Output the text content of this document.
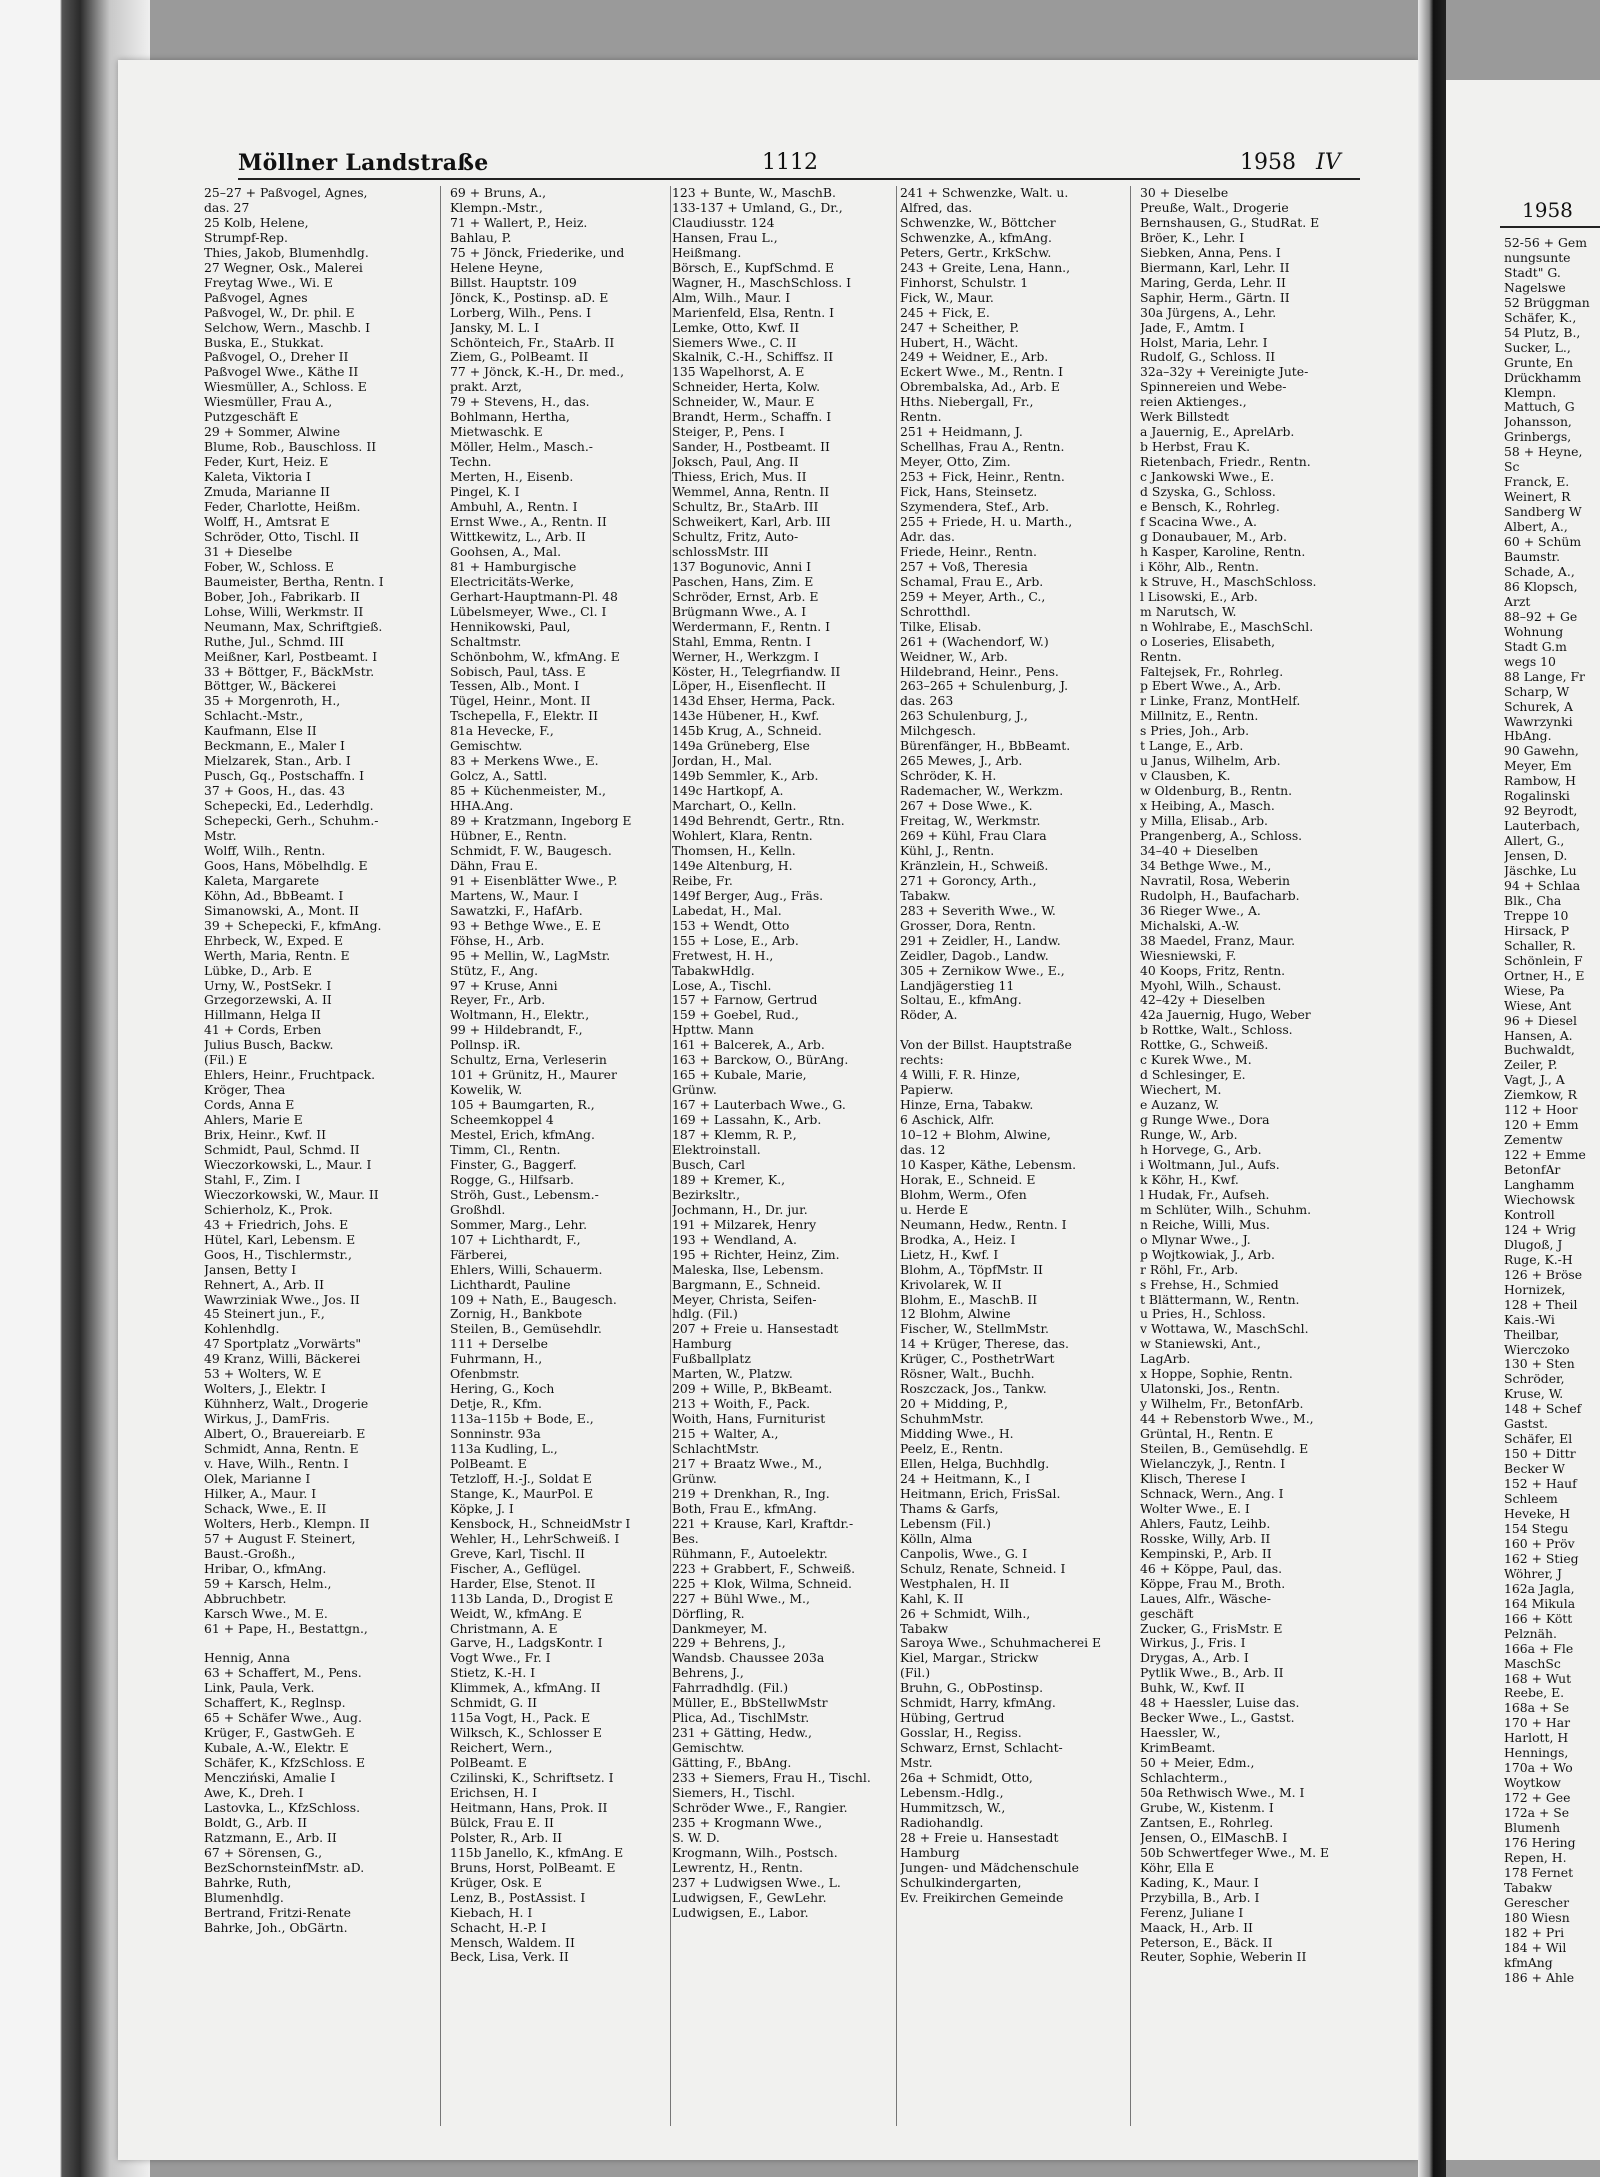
Möllner Landstraße	1112	1958 IV
25–27 + Paßvogel, Agnes,
das. 27
25 Kolb, Helene,
Strumpf-Rep.
Thies, Jakob, Blumenhdlg.
27 Wegner, Osk., Malerei
Freytag Wwe., Wi. E
Paßvogel, Agnes
Paßvogel, W., Dr. phil. E
Selchow, Wern., Maschb. I
Buska, E., Stukkat.
Paßvogel, O., Dreher II
Paßvogel Wwe., Käthe II
Wiesmüller, A., Schloss. E
Wiesmüller, Frau A.,
Putzgeschäft E
29 + Sommer, Alwine
Blume, Rob., Bauschloss. II
Feder, Kurt, Heiz. E
Kaleta, Viktoria I
Zmuda, Marianne II
Feder, Charlotte, Heißm.
Wolff, H., Amtsrat E
Schröder, Otto, Tischl. II
31 + Dieselbe
Fober, W., Schloss. E
Baumeister, Bertha, Rentn. I
Bober, Joh., Fabrikarb. II
Lohse, Willi, Werkmstr. II
Neumann, Max, Schriftgieß.
Ruthe, Jul., Schmd. III
Meißner, Karl, Postbeamt. I
33 + Böttger, F., BäckMstr.
Böttger, W., Bäckerei
35 + Morgenroth, H.,
Schlacht.-Mstr.,
Kaufmann, Else II
Beckmann, E., Maler I
Mielzarek, Stan., Arb. I
Pusch, Gq., Postschaffn. I
37 + Goos, H., das. 43
Schepecki, Ed., Lederhdlg.
Schepecki, Gerh., Schuhm.-
Mstr.
Wolff, Wilh., Rentn.
Goos, Hans, Möbelhdlg. E
Kaleta, Margarete
Köhn, Ad., BbBeamt. I
Simanowski, A., Mont. II
39 + Schepecki, F., kfmAng.
Ehrbeck, W., Exped. E
Werth, Maria, Rentn. E
Lübke, D., Arb. E
Urny, W., PostSekr. I
Grzegorzewski, A. II
Hillmann, Helga II
41 + Cords, Erben
Julius Busch, Backw.
(Fil.) E
Ehlers, Heinr., Fruchtpack.
Kröger, Thea
Cords, Anna E
Ahlers, Marie E
Brix, Heinr., Kwf. II
Schmidt, Paul, Schmd. II
Wieczorkowski, L., Maur. I
Stahl, F., Zim. I
Wieczorkowski, W., Maur. II
Schierholz, K., Prok.
43 + Friedrich, Johs. E
Hütel, Karl, Lebensm. E
Goos, H., Tischlermstr.,
Jansen, Betty I
Rehnert, A., Arb. II
Wawrziniak Wwe., Jos. II
45 Steinert jun., F.,
Kohlenhdlg.
47 Sportplatz „Vorwärts"
49 Kranz, Willi, Bäckerei
53 + Wolters, W. E
Wolters, J., Elektr. I
Kühnherz, Walt., Drogerie
Wirkus, J., DamFris.
Albert, O., Brauereiarb. E
Schmidt, Anna, Rentn. E
v. Have, Wilh., Rentn. I
Olek, Marianne I
Hilker, A., Maur. I
Schack, Wwe., E. II
Wolters, Herb., Klempn. II
57 + August F. Steinert,
Baust.-Großh.,
Hribar, O., kfmAng.
59 + Karsch, Helm.,
Abbruchbetr.
Karsch Wwe., M. E.
61 + Pape, H., Bestattgn.,

Hennig, Anna
63 + Schaffert, M., Pens.
Link, Paula, Verk.
Schaffert, K., Reglnsp.
65 + Schäfer Wwe., Aug.
Krüger, F., GastwGeh. E
Kubale, A.-W., Elektr. E
Schäfer, K., KfzSchloss. E
Mencziński, Amalie I
Awe, K., Dreh. I
Lastovka, L., KfzSchloss.
Boldt, G., Arb. II
Ratzmann, E., Arb. II
67 + Sörensen, G.,
BezSchornsteinfMstr. aD.
Bahrke, Ruth,
Blumenhdlg.
Bertrand, Fritzi-Renate
Bahrke, Joh., ObGärtn.
69 + Bruns, A.,
Klempn.-Mstr.,
71 + Wallert, P., Heiz.
Bahlau, P.
75 + Jönck, Friederike, und
Helene Heyne,
Billst. Hauptstr. 109
Jönck, K., Postinsp. aD. E
Lorberg, Wilh., Pens. I
Jansky, M. L. I
Schönteich, Fr., StaArb. II
Ziem, G., PolBeamt. II
77 + Jönck, K.-H., Dr. med.,
prakt. Arzt,
79 + Stevens, H., das.
Bohlmann, Hertha,
Mietwaschk. E
Möller, Helm., Masch.-
Techn.
Merten, H., Eisenb.
Pingel, K. I
Ambuhl, A., Rentn. I
Ernst Wwe., A., Rentn. II
Wittkewitz, L., Arb. II
Goohsen, A., Mal.
81 + Hamburgische
Electricitäts-Werke,
Gerhart-Hauptmann-Pl. 48
Lübelsmeyer, Wwe., Cl. I
Hennikowski, Paul,
Schaltmstr.
Schönbohm, W., kfmAng. E
Sobisch, Paul, tAss. E
Tessen, Alb., Mont. I
Tügel, Heinr., Mont. II
Tschepella, F., Elektr. II
81a Hevecke, F.,
Gemischtw.
83 + Merkens Wwe., E.
Golcz, A., Sattl.
85 + Küchenmeister, M.,
HHA.Ang.
89 + Kratzmann, Ingeborg E
Hübner, E., Rentn.
Schmidt, F. W., Baugesch.
Dähn, Frau E.
91 + Eisenblätter Wwe., P.
Martens, W., Maur. I
Sawatzki, F., HafArb.
93 + Bethge Wwe., E. E
Föhse, H., Arb.
95 + Mellin, W., LagMstr.
Stütz, F., Ang.
97 + Kruse, Anni
Reyer, Fr., Arb.
Woltmann, H., Elektr.,
99 + Hildebrandt, F.,
Pollnsp. iR.
Schultz, Erna, Verleserin
101 + Grünitz, H., Maurer
Kowelik, W.
105 + Baumgarten, R.,
Scheemkoppel 4
Mestel, Erich, kfmAng.
Timm, Cl., Rentn.
Finster, G., Baggerf.
Rogge, G., Hilfsarb.
Ströh, Gust., Lebensm.-
Großhdl.
Sommer, Marg., Lehr.
107 + Lichthardt, F.,
Färberei,
Ehlers, Willi, Schauerm.
Lichthardt, Pauline
109 + Nath, E., Baugesch.
Zornig, H., Bankbote
Steilen, B., Gemüsehdlr.
111 + Derselbe
Fuhrmann, H.,
Ofenbmstr.
Hering, G., Koch
Detje, R., Kfm.
113a–115b + Bode, E.,
Sonninstr. 93a
113a Kudling, L.,
PolBeamt. E
Tetzloff, H.-J., Soldat E
Stange, K., MaurPol. E
Köpke, J. I
Kensbock, H., SchneidMstr I
Wehler, H., LehrSchweiß. I
Greve, Karl, Tischl. II
Fischer, A., Geflügel.
Harder, Else, Stenot. II
113b Landa, D., Drogist E
Weidt, W., kfmAng. E
Christmann, A. E
Garve, H., LadgsKontr. I
Vogt Wwe., Fr. I
Stietz, K.-H. I
Klimmek, A., kfmAng. II
Schmidt, G. II
115a Vogt, H., Pack. E
Wilksch, K., Schlosser E
Reichert, Wern.,
PolBeamt. E
Czilinski, K., Schriftsetz. I
Erichsen, H. I
Heitmann, Hans, Prok. II
Bülck, Frau E. II
Polster, R., Arb. II
115b Janello, K., kfmAng. E
Bruns, Horst, PolBeamt. E
Krüger, Osk. E
Lenz, B., PostAssist. I
Kiebach, H. I
Schacht, H.-P. I
Mensch, Waldem. II
Beck, Lisa, Verk. II
123 + Bunte, W., MaschB.
133-137 + Umland, G., Dr.,
Claudiusstr. 124
Hansen, Frau L.,
Heißmang.
Börsch, E., KupfSchmd. E
Wagner, H., MaschSchloss. I
Alm, Wilh., Maur. I
Marienfeld, Elsa, Rentn. I
Lemke, Otto, Kwf. II
Siemers Wwe., C. II
Skalnik, C.-H., Schiffsz. II
135 Wapelhorst, A. E
Schneider, Herta, Kolw.
Schneider, W., Maur. E
Brandt, Herm., Schaffn. I
Steiger, P., Pens. I
Sander, H., Postbeamt. II
Joksch, Paul, Ang. II
Thiess, Erich, Mus. II
Wemmel, Anna, Rentn. II
Schultz, Br., StaArb. III
Schweikert, Karl, Arb. III
Schultz, Fritz, Auto-
schlossMstr. III
137 Bogunovic, Anni I
Paschen, Hans, Zim. E
Schröder, Ernst, Arb. E
Brügmann Wwe., A. I
Werdermann, F., Rentn. I
Stahl, Emma, Rentn. I
Werner, H., Werkzgm. I
Köster, H., Telegrfiandw. II
Löper, H., Eisenflecht. II
143d Ehser, Herma, Pack.
143e Hübener, H., Kwf.
145b Krug, A., Schneid.
149a Grüneberg, Else
Jordan, H., Mal.
149b Semmler, K., Arb.
149c Hartkopf, A.
Marchart, O., Kelln.
149d Behrendt, Gertr., Rtn.
Wohlert, Klara, Rentn.
Thomsen, H., Kelln.
149e Altenburg, H.
Reibe, Fr.
149f Berger, Aug., Fräs.
Labedat, H., Mal.
153 + Wendt, Otto
155 + Lose, E., Arb.
Fretwest, H. H.,
TabakwHdlg.
Lose, A., Tischl.
157 + Farnow, Gertrud
159 + Goebel, Rud.,
Hpttw. Mann
161 + Balcerek, A., Arb.
163 + Barckow, O., BürAng.
165 + Kubale, Marie,
Grünw.
167 + Lauterbach Wwe., G.
169 + Lassahn, K., Arb.
187 + Klemm, R. P.,
Elektroinstall.
Busch, Carl
189 + Kremer, K.,
Bezirksltr.,
Jochmann, H., Dr. jur.
191 + Milzarek, Henry
193 + Wendland, A.
195 + Richter, Heinz, Zim.
Maleska, Ilse, Lebensm.
Bargmann, E., Schneid.
Meyer, Christa, Seifen-
hdlg. (Fil.)
207 + Freie u. Hansestadt
Hamburg
Fußballplatz
Marten, W., Platzw.
209 + Wille, P., BkBeamt.
213 + Woith, F., Pack.
Woith, Hans, Furniturist
215 + Walter, A.,
SchlachtMstr.
217 + Braatz Wwe., M.,
Grünw.
219 + Drenkhan, R., Ing.
Both, Frau E., kfmAng.
221 + Krause, Karl, Kraftdr.-
Bes.
Rühmann, F., Autoelektr.
223 + Grabbert, F., Schweiß.
225 + Klok, Wilma, Schneid.
227 + Bühl Wwe., M.,
Dörfling, R.
Dankmeyer, M.
229 + Behrens, J.,
Wandsb. Chaussee 203a
Behrens, J.,
Fahrradhdlg. (Fil.)
Müller, E., BbStellwMstr
Plica, Ad., TischlMstr.
231 + Gätting, Hedw.,
Gemischtw.
Gätting, F., BbAng.
233 + Siemers, Frau H., Tischl.
Siemers, H., Tischl.
Schröder Wwe., F., Rangier.
235 + Krogmann Wwe.,
S. W. D.
Krogmann, Wilh., Postsch.
Lewrentz, H., Rentn.
237 + Ludwigsen Wwe., L.
Ludwigsen, F., GewLehr.
Ludwigsen, E., Labor.
241 + Schwenzke, Walt. u.
Alfred, das.
Schwenzke, W., Böttcher
Schwenzke, A., kfmAng.
Peters, Gertr., KrkSchw.
243 + Greite, Lena, Hann.,
Finhorst, Schulstr. 1
Fick, W., Maur.
245 + Fick, E.
247 + Scheither, P.
Hubert, H., Wächt.
249 + Weidner, E., Arb.
Eckert Wwe., M., Rentn. I
Obrembalska, Ad., Arb. E
Hths. Niebergall, Fr.,
Rentn.
251 + Heidmann, J.
Schellhas, Frau A., Rentn.
Meyer, Otto, Zim.
253 + Fick, Heinr., Rentn.
Fick, Hans, Steinsetz.
Szymendera, Stef., Arb.
255 + Friede, H. u. Marth.,
Adr. das.
Friede, Heinr., Rentn.
257 + Voß, Theresia
Schamal, Frau E., Arb.
259 + Meyer, Arth., C.,
Schrotthdl.
Tilke, Elisab.
261 + (Wachendorf, W.)
Weidner, W., Arb.
Hildebrand, Heinr., Pens.
263–265 + Schulenburg, J.
das. 263
263 Schulenburg, J.,
Milchgesch.
Bürenfänger, H., BbBeamt.
265 Mewes, J., Arb.
Schröder, K. H.
Rademacher, W., Werkzm.
267 + Dose Wwe., K.
Freitag, W., Werkmstr.
269 + Kühl, Frau Clara
Kühl, J., Rentn.
Kränzlein, H., Schweiß.
271 + Goroncy, Arth.,
Tabakw.
283 + Severith Wwe., W.
Grosser, Dora, Rentn.
291 + Zeidler, H., Landw.
Zeidler, Dagob., Landw.
305 + Zernikow Wwe., E.,
Landjägerstieg 11
Soltau, E., kfmAng.
Röder, A.

Von der Billst. Hauptstraße
rechts:
4 Willi, F. R. Hinze,
Papierw.
Hinze, Erna, Tabakw.
6 Aschick, Alfr.
10–12 + Blohm, Alwine,
das. 12
10 Kasper, Käthe, Lebensm.
Horak, E., Schneid. E
Blohm, Werm., Ofen
u. Herde E
Neumann, Hedw., Rentn. I
Brodka, A., Heiz. I
Lietz, H., Kwf. I
Blohm, A., TöpfMstr. II
Krivolarek, W. II
Blohm, E., MaschB. II
12 Blohm, Alwine
Fischer, W., StellmMstr.
14 + Krüger, Therese, das.
Krüger, C., PosthetrWart
Rösner, Walt., Buchh.
Roszczack, Jos., Tankw.
20 + Midding, P.,
SchuhmMstr.
Midding Wwe., H.
Peelz, E., Rentn.
Ellen, Helga, Buchhdlg.
24 + Heitmann, K., I
Heitmann, Erich, FrisSal.
Thams & Garfs,
Lebensm (Fil.)
Kölln, Alma
Canpolis, Wwe., G. I
Schulz, Renate, Schneid. I
Westphalen, H. II
Kahl, K. II
26 + Schmidt, Wilh.,
Tabakw
Saroya Wwe., Schuhmacherei E
Kiel, Margar., Strickw
(Fil.)
Bruhn, G., ObPostinsp.
Schmidt, Harry, kfmAng.
Hübing, Gertrud
Gosslar, H., Regiss.
Schwarz, Ernst, Schlacht-
Mstr.
26a + Schmidt, Otto,
Lebensm.-Hdlg.,
Hummitzsch, W.,
Radiohandlg.
28 + Freie u. Hansestadt
Hamburg
Jungen- und Mädchenschule
Schulkindergarten,
Ev. Freikirchen Gemeinde
30 + Dieselbe
Preuße, Walt., Drogerie
Bernshausen, G., StudRat. E
Bröer, K., Lehr. I
Siebken, Anna, Pens. I
Biermann, Karl, Lehr. II
Maring, Gerda, Lehr. II
Saphir, Herm., Gärtn. II
30a Jürgens, A., Lehr.
Jade, F., Amtm. I
Holst, Maria, Lehr. I
Rudolf, G., Schloss. II
32a–32y + Vereinigte Jute-
Spinnereien und Webe-
reien Aktienges.,
Werk Billstedt
a Jauernig, E., AprelArb.
b Herbst, Frau K.
Rietenbach, Friedr., Rentn.
c Jankowski Wwe., E.
d Szyska, G., Schloss.
e Bensch, K., Rohrleg.
f Scacina Wwe., A.
g Donaubauer, M., Arb.
h Kasper, Karoline, Rentn.
i Köhr, Alb., Rentn.
k Struve, H., MaschSchloss.
l Lisowski, E., Arb.
m Narutsch, W.
n Wohlrabe, E., MaschSchl.
o Loseries, Elisabeth,
Rentn.
Faltejsek, Fr., Rohrleg.
p Ebert Wwe., A., Arb.
r Linke, Franz, MontHelf.
Millnitz, E., Rentn.
s Pries, Joh., Arb.
t Lange, E., Arb.
u Janus, Wilhelm, Arb.
v Clausben, K.
w Oldenburg, B., Rentn.
x Heibing, A., Masch.
y Milla, Elisab., Arb.
Prangenberg, A., Schloss.
34–40 + Dieselben
34 Bethge Wwe., M.,
Navratil, Rosa, Weberin
Rudolph, H., Baufacharb.
36 Rieger Wwe., A.
Michalski, A.-W.
38 Maedel, Franz, Maur.
Wiesniewski, F.
40 Koops, Fritz, Rentn.
Myohl, Wilh., Schaust.
42–42y + Dieselben
42a Jauernig, Hugo, Weber
b Rottke, Walt., Schloss.
Rottke, G., Schweiß.
c Kurek Wwe., M.
d Schlesinger, E.
Wiechert, M.
e Auzanz, W.
g Runge Wwe., Dora
Runge, W., Arb.
h Horvege, G., Arb.
i Woltmann, Jul., Aufs.
k Köhr, H., Kwf.
l Hudak, Fr., Aufseh.
m Schlüter, Wilh., Schuhm.
n Reiche, Willi, Mus.
o Mlynar Wwe., J.
p Wojtkowiak, J., Arb.
r Röhl, Fr., Arb.
s Frehse, H., Schmied
t Blättermann, W., Rentn.
u Pries, H., Schloss.
v Wottawa, W., MaschSchl.
w Staniewski, Ant.,
LagArb.
x Hoppe, Sophie, Rentn.
Ulatonski, Jos., Rentn.
y Wilhelm, Fr., BetonfArb.
44 + Rebenstorb Wwe., M.,
Grüntal, H., Rentn. E
Steilen, B., Gemüsehdlg. E
Wielanczyk, J., Rentn. I
Klisch, Therese I
Schnack, Wern., Ang. I
Wolter Wwe., E. I
Ahlers, Fautz, Leihb.
Rosske, Willy, Arb. II
Kempinski, P., Arb. II
46 + Köppe, Paul, das.
Köppe, Frau M., Broth.
Laues, Alfr., Wäsche-
geschäft
Zucker, G., FrisMstr. E
Wirkus, J., Fris. I
Drygas, A., Arb. I
Pytlik Wwe., B., Arb. II
Buhk, W., Kwf. II
48 + Haessler, Luise das.
Becker Wwe., L., Gastst.
Haessler, W.,
KrimBeamt.
50 + Meier, Edm.,
Schlachterm.,
50a Rethwisch Wwe., M. I
Grube, W., Kistenm. I
Zantsen, E., Rohrleg.
Jensen, O., ElMaschB. I
50b Schwertfeger Wwe., M. E
Köhr, Ella E
Kading, K., Maur. I
Przybilla, B., Arb. I
Ferenz, Juliane I
Maack, H., Arb. II
Peterson, E., Bäck. II
Reuter, Sophie, Weberin II
1958
52-56 + Gem
nungsunte
Stadt" G.
Nagelswe
52 Brüggman
Schäfer, K.,
54 Plutz, B.,
Sucker, L.,
Grunte, En
Drückhamm
Klempn.
Mattuch, G
Johansson,
Grinbergs,
58 + Heyne,
Sc
Franck, E.
Weinert, R
Sandberg W
Albert, A.,
60 + Schüm
Baumstr.
Schade, A.,
86 Klopsch,
Arzt
88–92 + Ge
Wohnung
Stadt G.m
wegs 10
88 Lange, Fr
Scharp, W
Schurek, A
Wawrzynki
HbAng.
90 Gawehn,
Meyer, Em
Rambow, H
Rogalinski
92 Beyrodt,
Lauterbach,
Allert, G.,
Jensen, D.
Jäschke, Lu
94 + Schlaa
Blk., Cha
Treppe 10
Hirsack, P
Schaller, R.
Schönlein, F
Ortner, H., E
Wiese, Pa
Wiese, Ant
96 + Diesel
Hansen, A.
Buchwaldt,
Zeiler, P.
Vagt, J., A
Ziemkow, R
112 + Hoor
120 + Emm
Zementw
122 + Emme
BetonfAr
Langhamm
Wiechowsk
Kontroll
124 + Wrig
Dlugoß, J
Ruge, K.-H
126 + Bröse
Hornizek,
128 + Theil
Kais.-Wi
Theilbar,
Wierczoko
130 + Sten
Schröder,
Kruse, W.
148 + Schef
Gastst.
Schäfer, El
150 + Dittr
Becker W
152 + Hauf
Schleem
Heveke, H
154 Stegu
160 + Pröv
162 + Stieg
Wöhrer, J
162a Jagla,
164 Mikula
166 + Kött
Pelznäh.
166a + Fle
MaschSc
168 + Wut
Reebe, E.
168a + Se
170 + Har
Harlott, H
Hennings,
170a + Wo
Woytkow
172 + Gee
172a + Se
Blumenh
176 Hering
Repen, H.
178 Fernet
Tabakw
Gerescher
180 Wiesn
182 + Pri
184 + Wil
kfmAng
186 + Ahle
